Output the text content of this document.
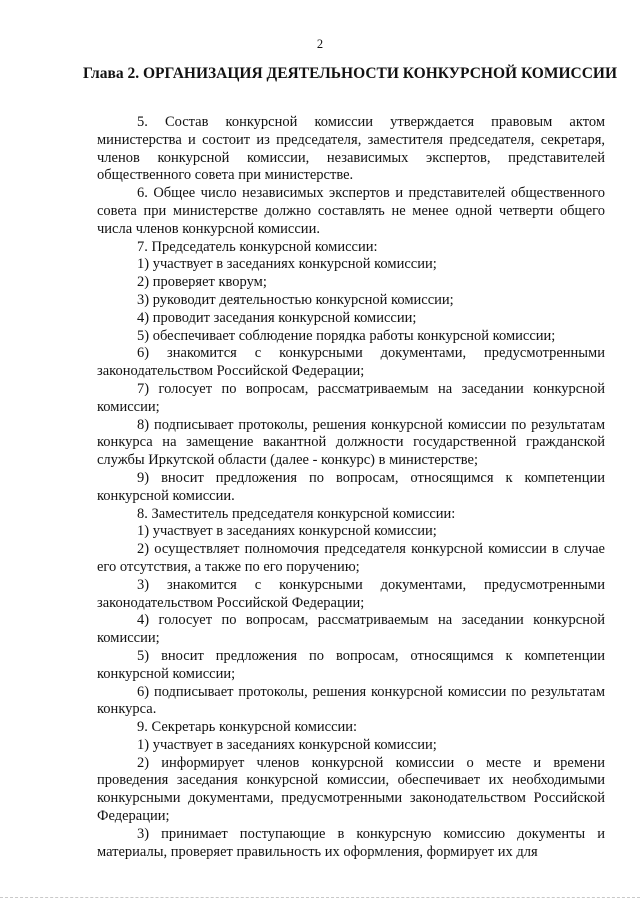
2
Глава 2. ОРГАНИЗАЦИЯ ДЕЯТЕЛЬНОСТИ КОНКУРСНОЙ КОМИССИИ

5. Состав конкурсной комиссии утверждается правовым актом министерства и состоит из председателя, заместителя председателя, секретаря, членов конкурсной комиссии, независимых экспертов, представителей общественного совета при министерстве.

6. Общее число независимых экспертов и представителей общественного совета при министерстве должно составлять не менее одной четверти общего числа членов конкурсной комиссии.

7. Председатель конкурсной комиссии:

1) участвует в заседаниях конкурсной комиссии;

2) проверяет кворум;

3) руководит деятельностью конкурсной комиссии;

4) проводит заседания конкурсной комиссии;

5) обеспечивает соблюдение порядка работы конкурсной комиссии;

6) знакомится с конкурсными документами, предусмотренными законодательством Российской Федерации;

7) голосует по вопросам, рассматриваемым на заседании конкурсной комиссии;

8) подписывает протоколы, решения конкурсной комиссии по результатам конкурса на замещение вакантной должности государственной гражданской службы Иркутской области (далее - конкурс) в министерстве;

9) вносит предложения по вопросам, относящимся к компетенции конкурсной комиссии.

8. Заместитель председателя конкурсной комиссии:

1) участвует в заседаниях конкурсной комиссии;

2) осуществляет полномочия председателя конкурсной комиссии в случае его отсутствия, а также по его поручению;

3) знакомится с конкурсными документами, предусмотренными законодательством Российской Федерации;

4) голосует по вопросам, рассматриваемым на заседании конкурсной комиссии;

5) вносит предложения по вопросам, относящимся к компетенции конкурсной комиссии;

6) подписывает протоколы, решения конкурсной комиссии по результатам конкурса.

9. Секретарь конкурсной комиссии:

1) участвует в заседаниях конкурсной комиссии;

2) информирует членов конкурсной комиссии о месте и времени проведения заседания конкурсной комиссии, обеспечивает их необходимыми конкурсными документами, предусмотренными законодательством Российской Федерации;

3) принимает поступающие в конкурсную комиссию документы и материалы, проверяет правильность их оформления, формирует их для
